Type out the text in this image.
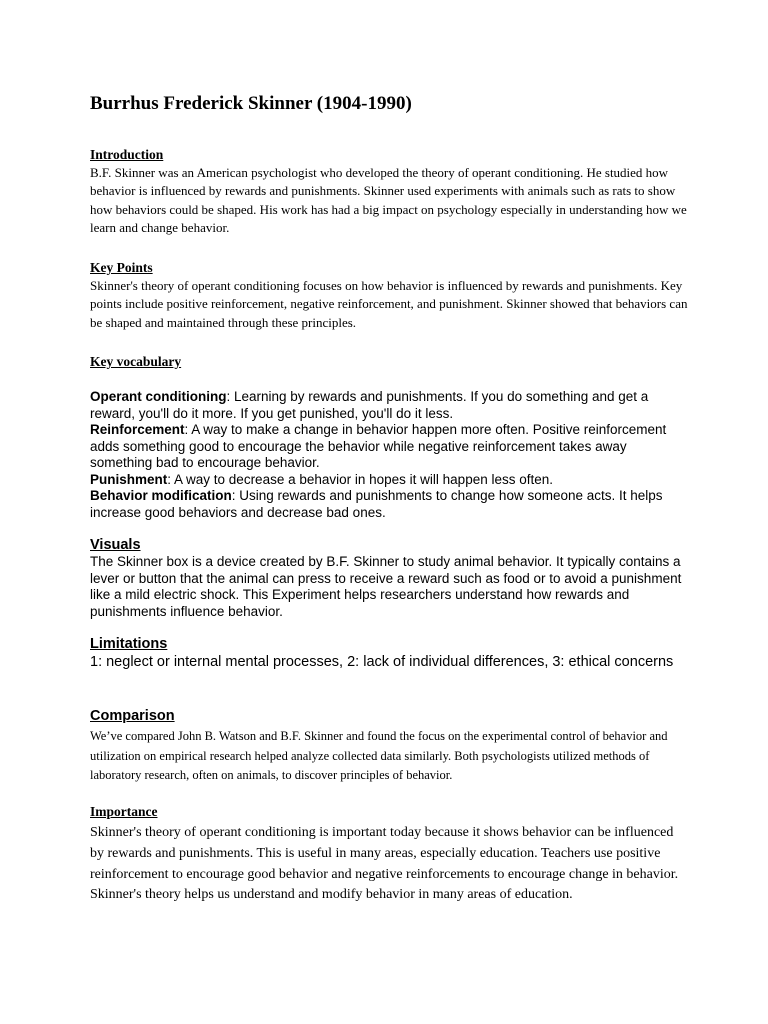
Burrhus Frederick Skinner (1904-1990)
Introduction

B.F. Skinner was an American psychologist who developed the theory of operant conditioning. He studied how behavior is influenced by rewards and punishments. Skinner used experiments with animals such as rats to show how behaviors could be shaped. His work has had a big impact on psychology especially in understanding how we learn and change behavior.

Key Points

Skinner's theory of operant conditioning focuses on how behavior is influenced by rewards and punishments. Key points include positive reinforcement, negative reinforcement, and punishment. Skinner showed that behaviors can be shaped and maintained through these principles.

Key vocabulary

Operant conditioning: Learning by rewards and punishments. If you do something and get a reward, you'll do it more. If you get punished, you'll do it less.

Reinforcement: A way to make a change in behavior happen more often. Positive reinforcement adds something good to encourage the behavior while negative reinforcement takes away something bad to encourage behavior.

Punishment: A way to decrease a behavior in hopes it will happen less often.

Behavior modification: Using rewards and punishments to change how someone acts. It helps increase good behaviors and decrease bad ones.

Visuals

The Skinner box is a device created by B.F. Skinner to study animal behavior. It typically contains a lever or button that the animal can press to receive a reward such as food or to avoid a punishment like a mild electric shock. This Experiment helps researchers understand how rewards and punishments influence behavior.

Limitations

1: neglect or internal mental processes, 2: lack of individual differences, 3: ethical concerns

Comparison

We’ve compared John B. Watson and B.F. Skinner and found the focus on the experimental control of behavior and utilization on empirical research helped analyze collected data similarly. Both psychologists utilized methods of laboratory research, often on animals, to discover principles of behavior.

Importance

Skinner's theory of operant conditioning is important today because it shows behavior can be influenced by rewards and punishments. This is useful in many areas, especially education. Teachers use positive reinforcement to encourage good behavior and negative reinforcements to encourage change in behavior. Skinner's theory helps us understand and modify behavior in many areas of education.
